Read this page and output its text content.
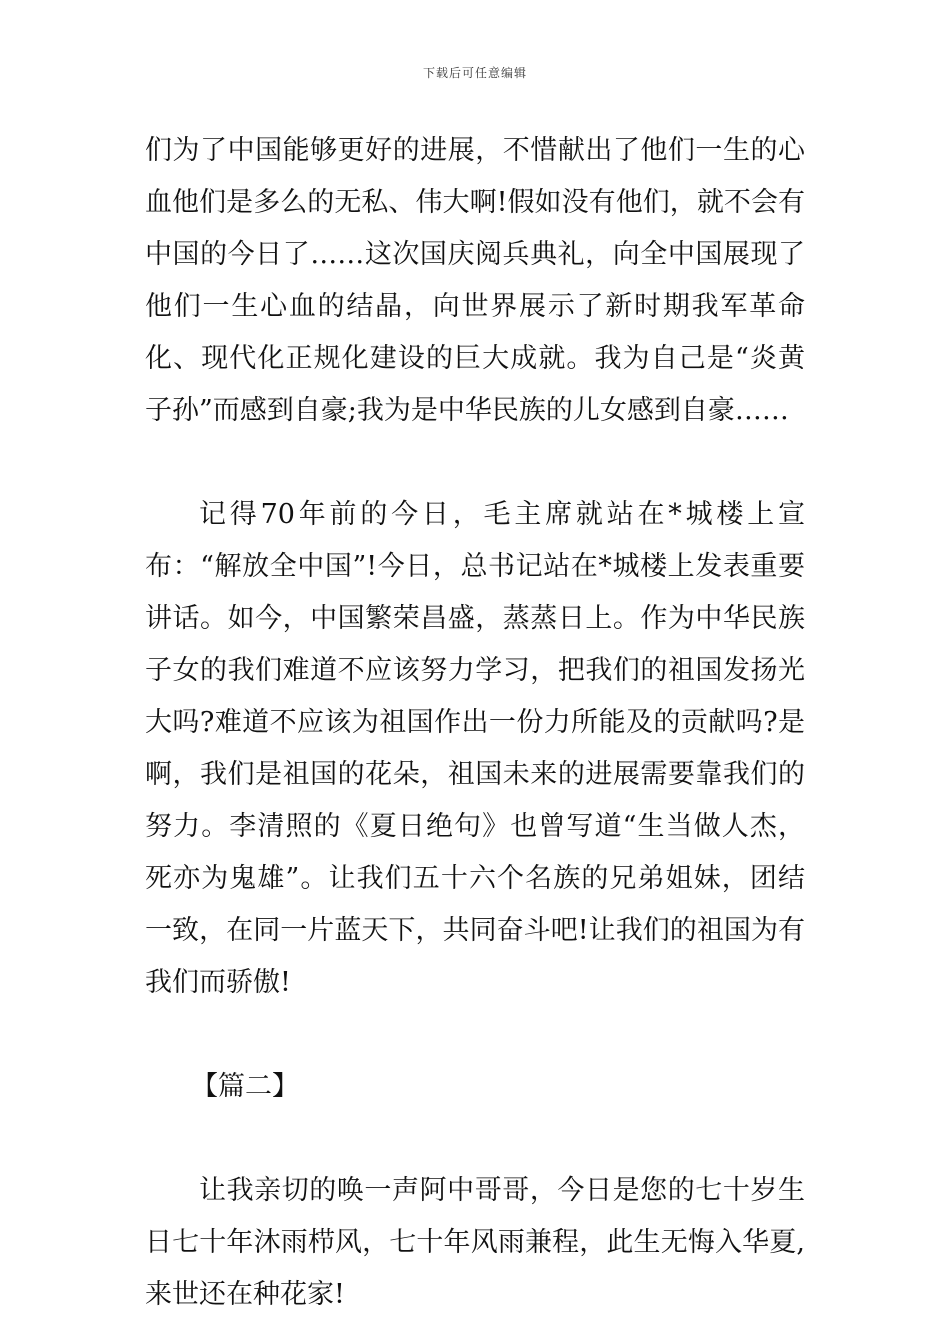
下载后可任意编辑

们为了中国能够更好的进展，不惜献出了他们一生的心血他们是多么的无私、伟大啊!假如没有他们，就不会有中国的今日了……这次国庆阅兵典礼，向全中国展现了他们一生心血的结晶，向世界展示了新时期我军革命化、现代化正规化建设的巨大成就。我为自己是“炎黄子孙”而感到自豪;我为是中华民族的儿女感到自豪……

记得70年前的今日，毛主席就站在*城楼上宣布：“解放全中国”!今日，总书记站在*城楼上发表重要讲话。如今，中国繁荣昌盛，蒸蒸日上。作为中华民族子女的我们难道不应该努力学习，把我们的祖国发扬光大吗?难道不应该为祖国作出一份力所能及的贡献吗?是啊，我们是祖国的花朵，祖国未来的进展需要靠我们的努力。李清照的《夏日绝句》也曾写道“生当做人杰，死亦为鬼雄”。让我们五十六个名族的兄弟姐妹，团结一致，在同一片蓝天下，共同奋斗吧!让我们的祖国为有我们而骄傲!

【篇二】

让我亲切的唤一声阿中哥哥，今日是您的七十岁生日七十年沐雨栉风，七十年风雨兼程，此生无悔入华夏,来世还在种花家!
